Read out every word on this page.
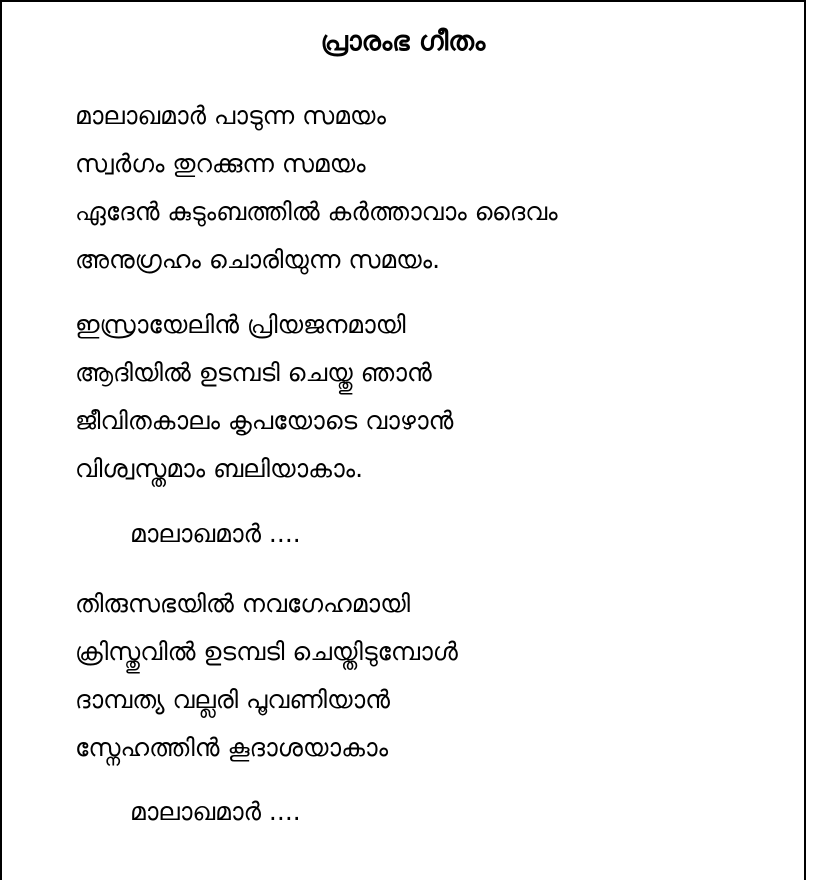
പ്രാരംഭ ഗീതം
മാലാഖമാർ പാടുന്ന സമയം
സ്വർഗം തുറക്കുന്ന സമയം
ഏദേൻ കുടുംബത്തിൽ കർത്താവാം ദൈവം
അനുഗ്രഹം ചൊരിയുന്ന സമയം.
ഇസ്രായേലിൻ പ്രിയജനമായി
ആദിയിൽ ഉടമ്പടി ചെയ്തു ഞാൻ
ജീവിതകാലം കൃപയോടെ വാഴാൻ
വിശ്വസ്തമാം ബലിയാകാം.
മാലാഖമാർ ....
തിരുസഭയിൽ നവഗേഹമായി
ക്രിസ്തുവിൽ ഉടമ്പടി ചെയ്തിടുമ്പോൾ
ദാമ്പത്യ വല്ലരി പൂവണിയാൻ
സ്നേഹത്തിൻ കൂദാശയാകാം
മാലാഖമാർ ....
